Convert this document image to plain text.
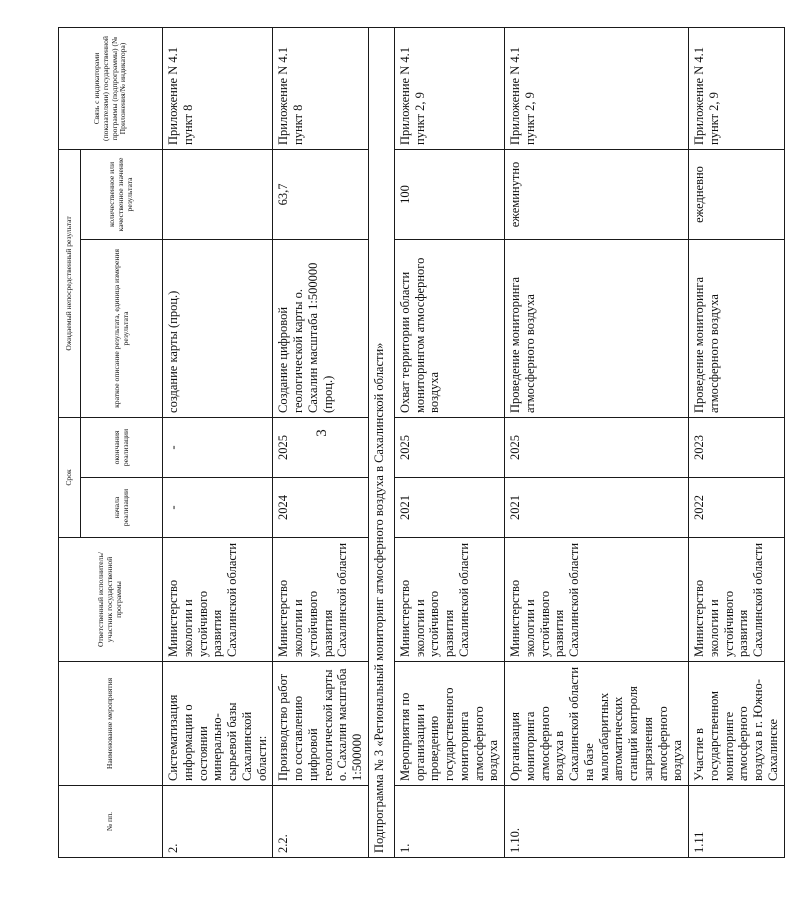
3
№ пп.	Наименование мероприятия	Ответственный исполнитель/участник государственной программы	Срок		Ожидаемый непосредственный результат		Связь с индикаторами (показателями) государственной программы (подпрограммы) (№ Приложения/№ индикатора)
			начала реализации	окончания реализации	краткое описание результата, единица измерения результата	количественное или качественное значение результата	
2.	Систематизация информации о состоянии минерально-сырьевой базы Сахалинской области:	Министерство экологии и устойчивого развития Сахалинской области	-	-	создание карты (проц.)		Приложение N 4.1 пункт 8
2.2.	Производство работ по составлению цифровой геологической карты о. Сахалин масштаба 1:500000	Министерство экологии и устойчивого развития Сахалинской области	2024	2025	Создание цифровой геологической карты о. Сахалин масштаба 1:500000 (проц.)	63,7	Приложение N 4.1 пункт 8
Подпрограмма № 3 «Региональный мониторинг атмосферного воздуха в Сахалинской области»							
1.	Мероприятия по организации и проведению государственного мониторинга атмосферного воздуха	Министерство экологии и устойчивого развития Сахалинской области	2021	2025	Охват территории области мониторингом атмосферного воздуха	100	Приложение N 4.1 пункт 2, 9
1.10.	Организация мониторинга атмосферного воздуха в Сахалинской области на базе малогабаритных автоматических станций контроля загрязнения атмосферного воздуха	Министерство экологии и устойчивого развития Сахалинской области	2021	2025	Проведение мониторинга атмосферного воздуха	ежеминутно	Приложение N 4.1 пункт 2, 9
1.11	Участие в государственном мониторинге атмосферного воздуха в г. Южно-Сахалинске	Министерство экологии и устойчивого развития Сахалинской области	2022	2023	Проведение мониторинга атмосферного воздуха	ежедневно	Приложение N 4.1 пункт 2, 9
